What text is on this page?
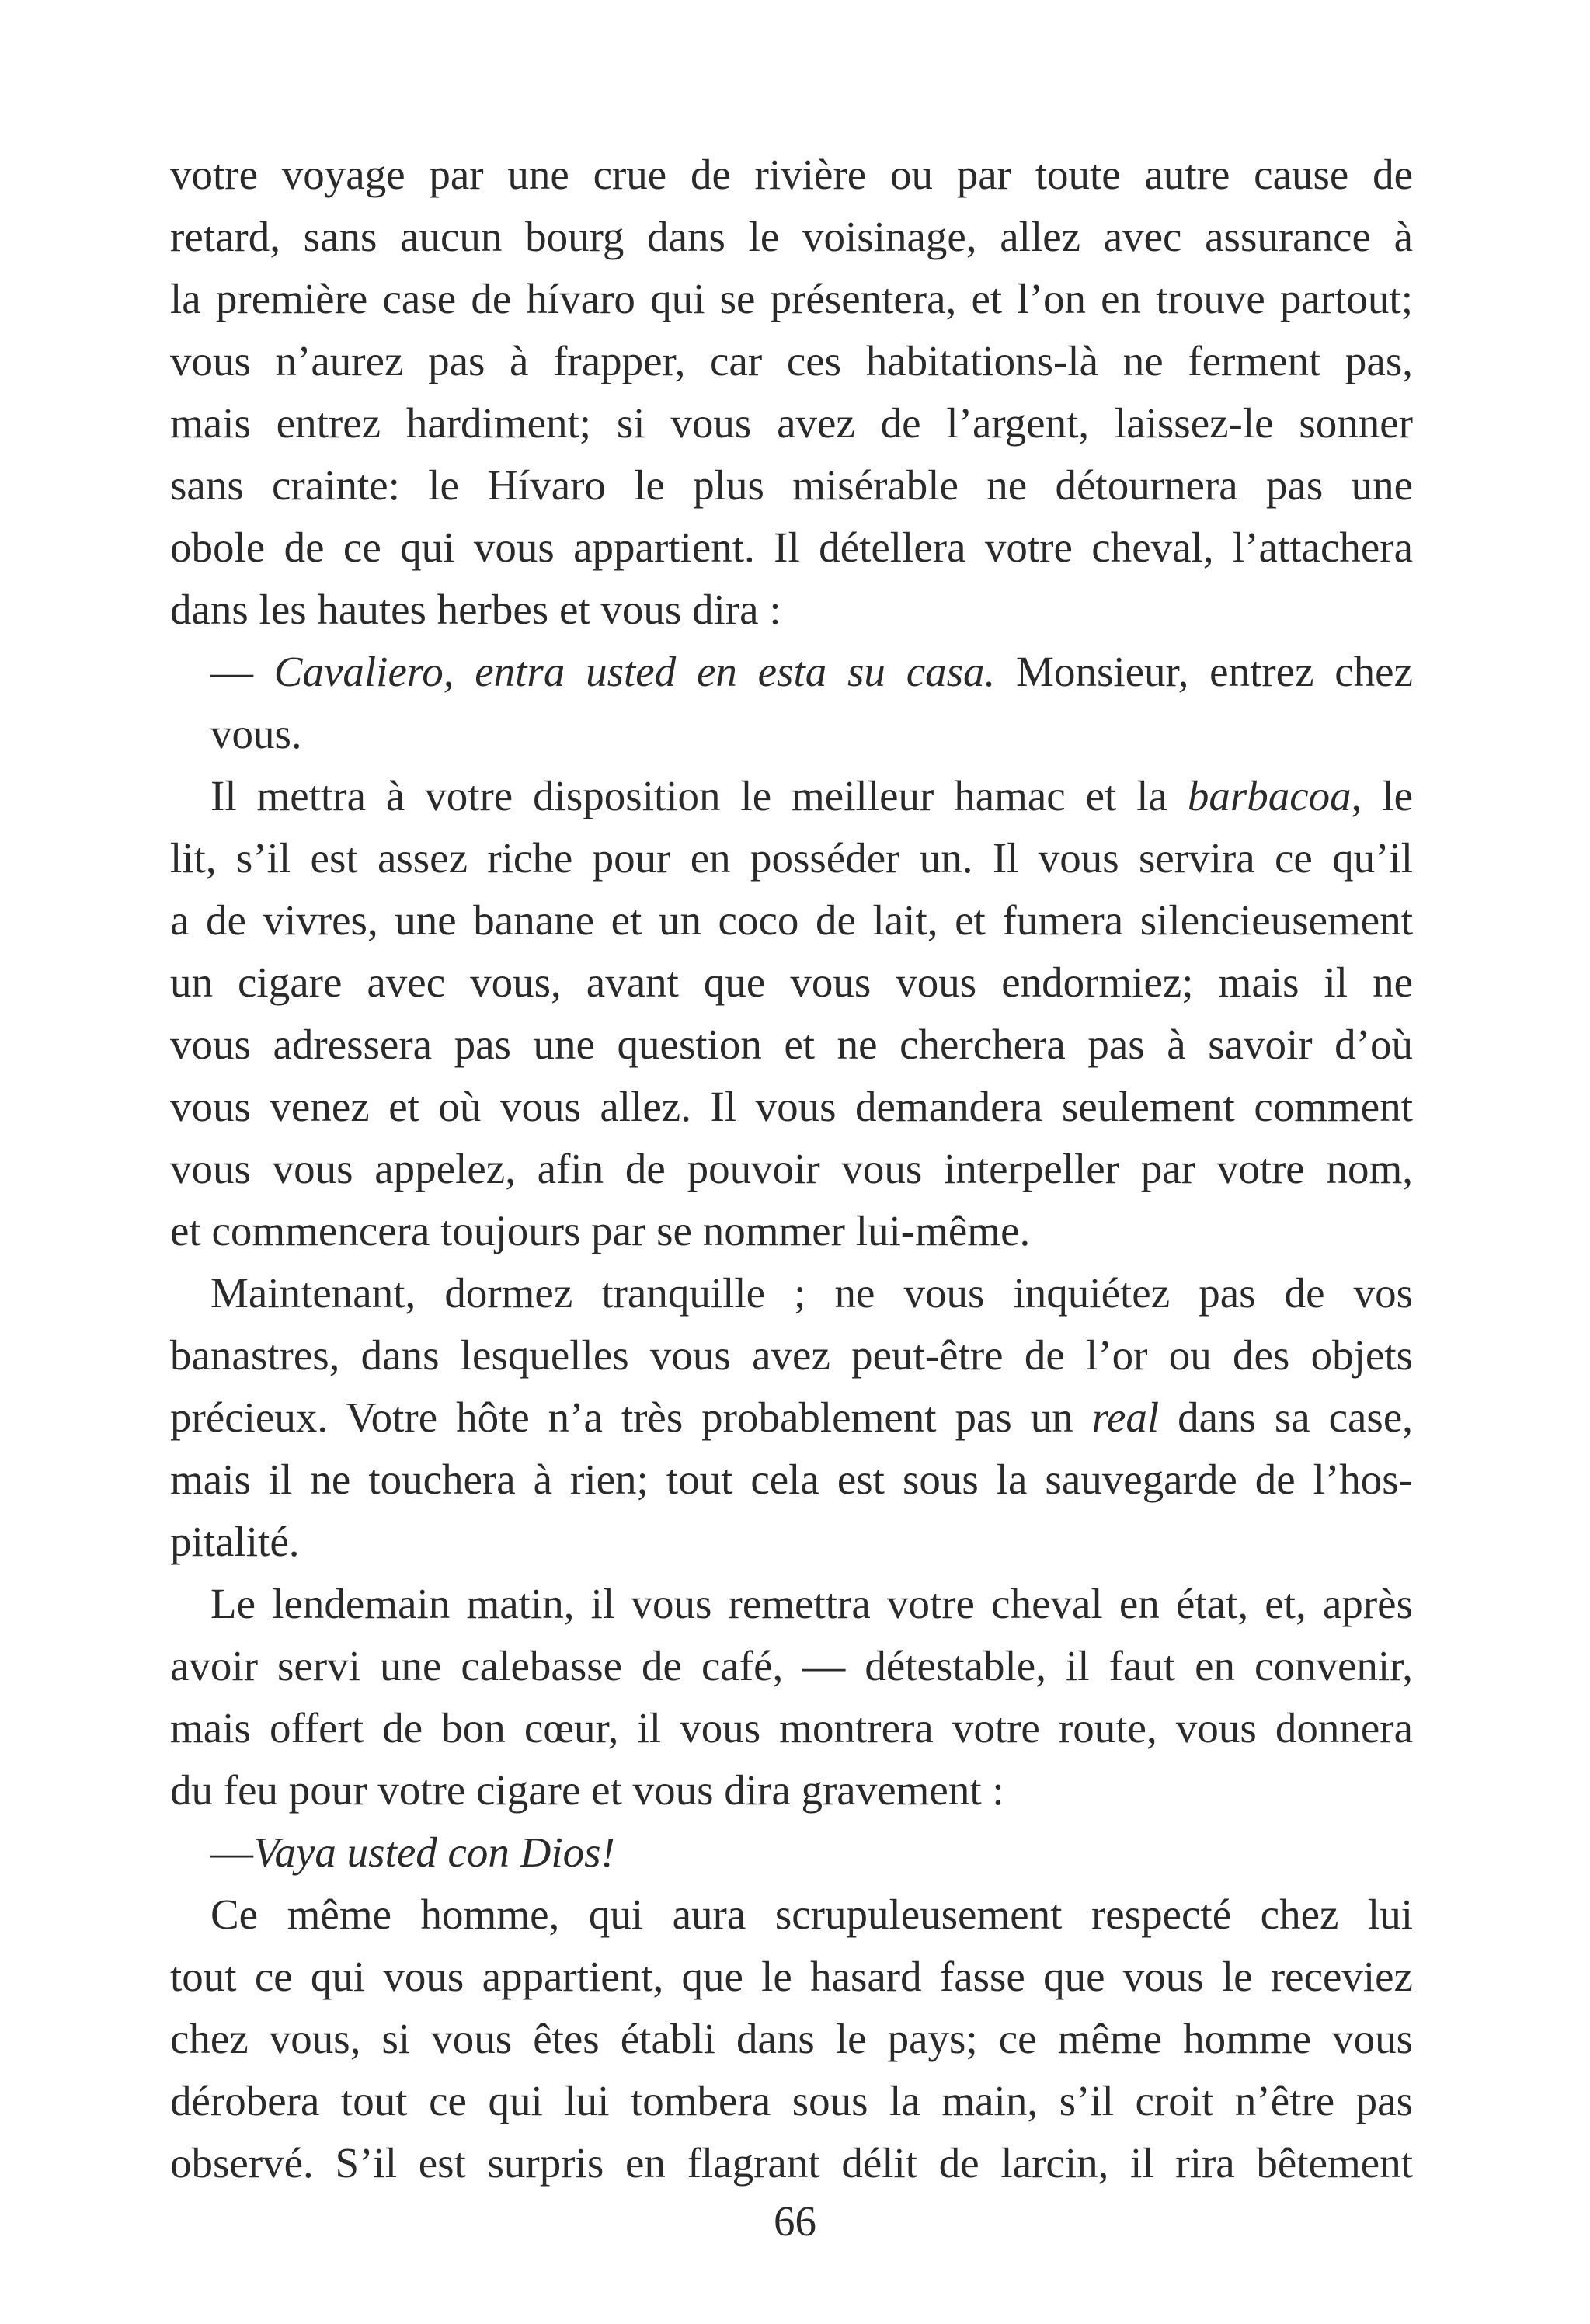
votre voyage par une crue de rivière ou par toute autre cause de
retard, sans aucun bourg dans le voisinage, allez avec assurance à
la première case de hívaro qui se présentera, et l’on en trouve partout;
vous n’aurez pas à frapper, car ces habitations-là ne ferment pas,
mais entrez hardiment; si vous avez de l’argent, laissez-le sonner
sans crainte: le Hívaro le plus misérable ne détournera pas une
obole de ce qui vous appartient. Il détellera votre cheval, l’attachera
dans les hautes herbes et vous dira :
— Cavaliero, entra usted en esta su casa. Monsieur, entrez chez vous.
Il mettra à votre disposition le meilleur hamac et la barbacoa, le
lit, s’il est assez riche pour en posséder un. Il vous servira ce qu’il
a de vivres, une banane et un coco de lait, et fumera silencieusement
un cigare avec vous, avant que vous vous endormiez; mais il ne
vous adressera pas une question et ne cherchera pas à savoir d’où
vous venez et où vous allez. Il vous demandera seulement comment
vous vous appelez, afin de pouvoir vous interpeller par votre nom,
et commencera toujours par se nommer lui-même.
Maintenant, dormez tranquille ; ne vous inquiétez pas de vos
banastres, dans lesquelles vous avez peut-être de l’or ou des objets
précieux. Votre hôte n’a très probablement pas un real dans sa case,
mais il ne touchera à rien; tout cela est sous la sauvegarde de l’hos-
pitalité.
Le lendemain matin, il vous remettra votre cheval en état, et, après
avoir servi une calebasse de café, — détestable, il faut en convenir,
mais offert de bon cœur, il vous montrera votre route, vous donnera
du feu pour votre cigare et vous dira gravement :
—Vaya usted con Dios!
Ce même homme, qui aura scrupuleusement respecté chez lui
tout ce qui vous appartient, que le hasard fasse que vous le receviez
chez vous, si vous êtes établi dans le pays; ce même homme vous
dérobera tout ce qui lui tombera sous la main, s’il croit n’être pas
observé. S’il est surpris en flagrant délit de larcin, il rira bêtement
66
